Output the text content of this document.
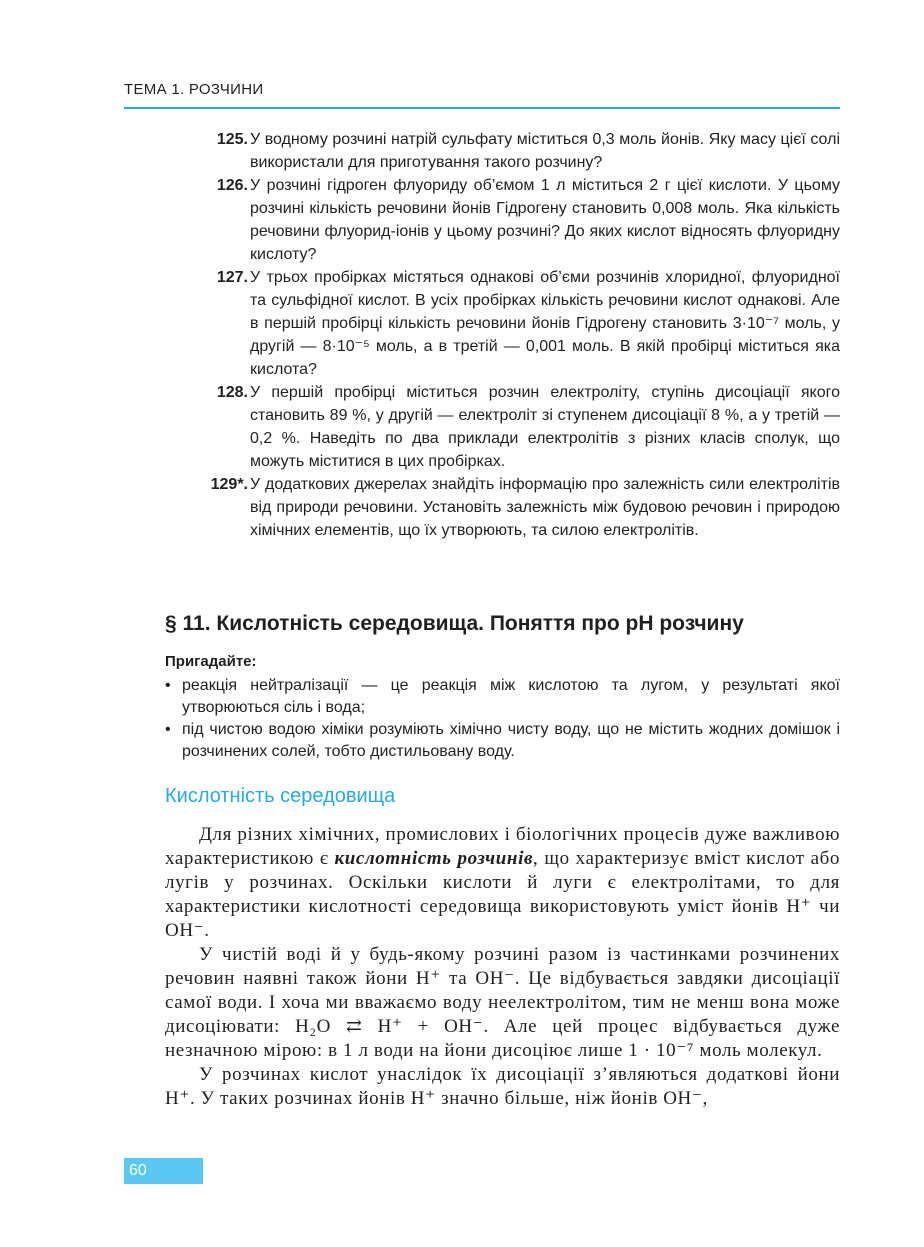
ТЕМА 1. РОЗЧИНИ
125. У водному розчині натрій сульфату міститься 0,3 моль йонів. Яку масу цієї солі використали для приготування такого розчину?
126. У розчині гідроген флуориду об’ємом 1 л міститься 2 г цієї кислоти. У цьому розчині кількість речовини йонів Гідрогену становить 0,008 моль. Яка кількість речовини флуорид-іонів у цьому розчині? До яких кислот відносять флуоридну кислоту?
127. У трьох пробірках містяться однакові об’єми розчинів хлоридної, флуоридної та сульфідної кислот. В усіх пробірках кількість речовини кислот однакові. Але в першій пробірці кількість речовини йонів Гідрогену становить 3·10⁻⁷ моль, у другій — 8·10⁻⁵ моль, а в третій — 0,001 моль. В якій пробірці міститься яка кислота?
128. У першій пробірці міститься розчин електроліту, ступінь дисоціації якого становить 89 %, у другій — електроліт зі ступенем дисоціації 8 %, а у третій — 0,2 %. Наведіть по два приклади електролітів з різних класів сполук, що можуть міститися в цих пробірках.
129*. У додаткових джерелах знайдіть інформацію про залежність сили електролітів від природи речовини. Установіть залежність між будовою речовин і природою хімічних елементів, що їх утворюють, та силою електролітів.
§ 11. Кислотність середовища. Поняття про pH розчину
Пригадайте:
• реакція нейтралізації — це реакція між кислотою та лугом, у результаті якої утворюються сіль і вода;
• під чистою водою хіміки розуміють хімічно чисту воду, що не містить жодних домішок і розчинених солей, тобто дистильовану воду.
Кислотність середовища

Для різних хімічних, промислових і біологічних процесів дуже важливою характеристикою є кислотність розчинів, що характеризує вміст кислот або лугів у розчинах. Оскільки кислоти й луги є електролітами, то для характеристики кислотності середовища використовують уміст йонів H⁺ чи OH⁻.

У чистій воді й у будь-якому розчині разом із частинками розчинених речовин наявні також йони H⁺ та OH⁻. Це відбувається завдяки дисоціації самої води. І хоча ми вважаємо воду неелектролітом, тим не менш вона може дисоціювати: H₂O ⇄ H⁺ + OH⁻. Але цей процес відбувається дуже незначною мірою: в 1 л води на йони дисоціює лише 1 · 10⁻⁷ моль молекул.

У розчинах кислот унаслідок їх дисоціації з’являються додаткові йони H⁺. У таких розчинах йонів H⁺ значно більше, ніж йонів OH⁻,

60
